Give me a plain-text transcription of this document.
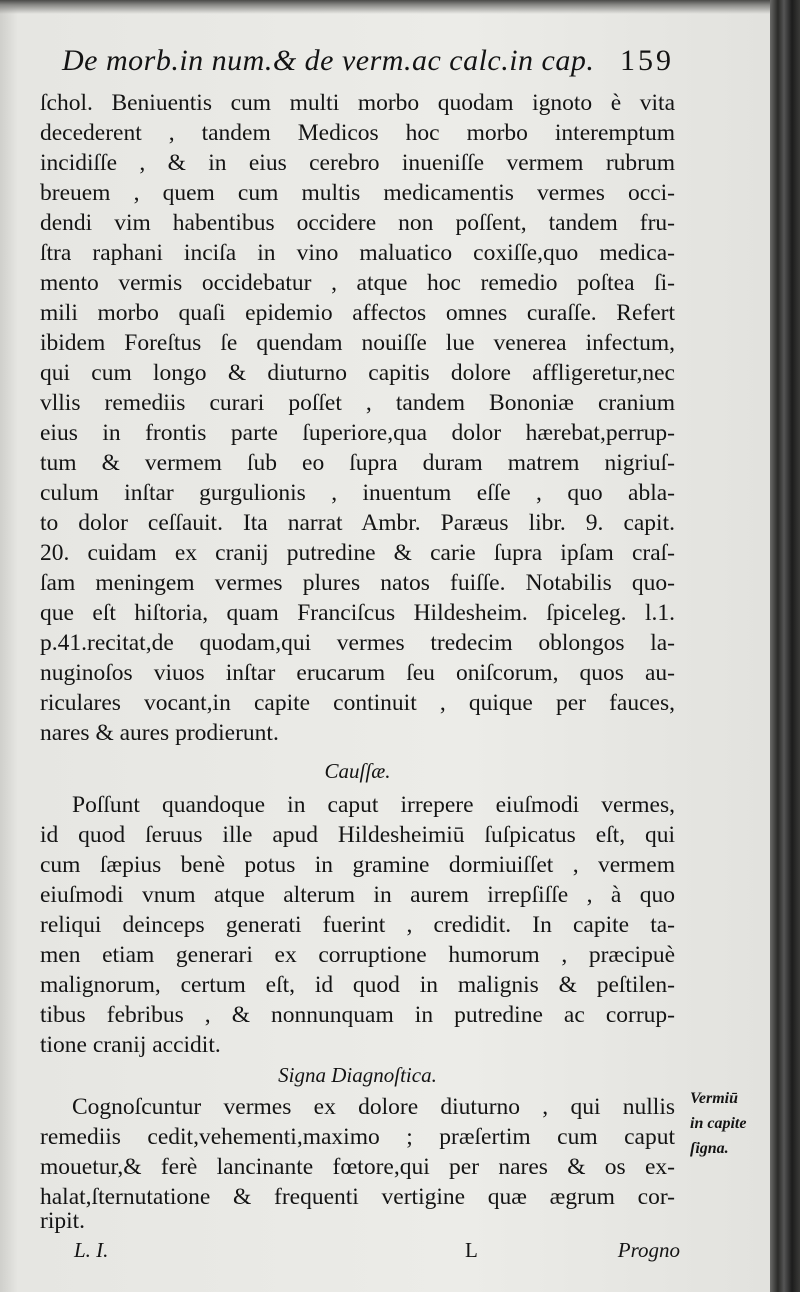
De morb.in num.& de verm.ac calc.in cap. 159
ſchol. Beniuentis cum multi morbo quodam ignoto è vita
decederent , tandem Medicos hoc morbo interemptum
incidiſſe , & in eius cerebro inueniſſe vermem rubrum
breuem , quem cum multis medicamentis vermes occi-
dendi vim habentibus occidere non poſſent, tandem fru-
ſtra raphani inciſa in vino maluatico coxiſſe,quo medica-
mento vermis occidebatur , atque hoc remedio poſtea ſi-
mili morbo quaſi epidemio affectos omnes curaſſe. Refert
ibidem Foreſtus ſe quendam nouiſſe lue venerea infectum,
qui cum longo & diuturno capitis dolore affligeretur,nec
vllis remediis curari poſſet , tandem Bononiæ cranium
eius in frontis parte ſuperiore,qua dolor hærebat,perrup-
tum & vermem ſub eo ſupra duram matrem nigriuſ-
culum inſtar gurgulionis , inuentum eſſe , quo abla-
to dolor ceſſauit. Ita narrat Ambr. Paræus libr. 9. capit.
20. cuidam ex cranij putredine & carie ſupra ipſam craſ-
ſam meningem vermes plures natos fuiſſe. Notabilis quo-
que eſt hiſtoria, quam Franciſcus Hildesheim. ſpiceleg. l.1.
p.41.recitat,de quodam,qui vermes tredecim oblongos la-
nuginoſos viuos inſtar erucarum ſeu oniſcorum, quos au-
riculares vocant,in capite continuit , quique per fauces,
nares & aures prodierunt.
Cauſſæ.
Poſſunt quandoque in caput irrepere eiuſmodi vermes,
id quod ſeruus ille apud Hildesheimiū ſuſpicatus eſt, qui
cum ſæpius benè potus in gramine dormiuiſſet , vermem
eiuſmodi vnum atque alterum in aurem irrepſiſſe , à quo
reliqui deinceps generati fuerint , credidit. In capite ta-
men etiam generari ex corruptione humorum , præcipuè
malignorum, certum eſt, id quod in malignis & peſtilen-
tibus febribus , & nonnunquam in putredine ac corrup-
tione cranij accidit.
Signa Diagnoſtica.
Cognoſcuntur vermes ex dolore diuturno , qui nullis
remediis cedit,vehementi,maximo ; præſertim cum caput
mouetur,& ferè lancinante fœtore,qui per nares & os ex-
halat,ſternutatione & frequenti vertigine quæ ægrum cor-
ripit.
Vermiū
in capite
ſigna.
L. I.	L	Progno
